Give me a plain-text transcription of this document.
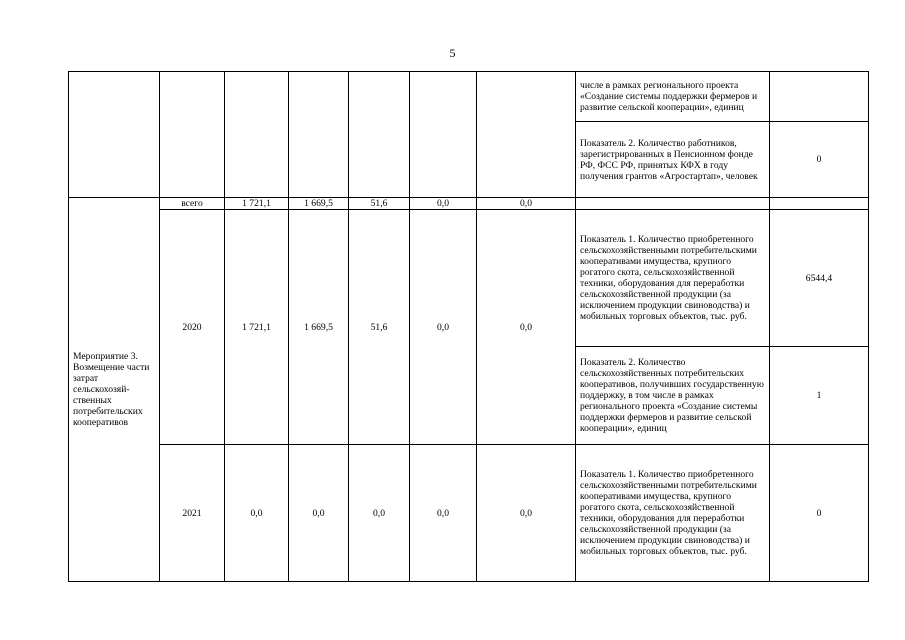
5
							числе в рамках регионального проекта «Создание системы поддержки фермеров и развитие сельской кооперации», единиц	
							Показатель 2. Количество работников, зарегистрированных в Пенсионном фонде РФ, ФСС РФ, принятых КФХ в году получения грантов «Агростартап», человек	0
Мероприятие 3. Возмещение части затрат сельскохозяй-ственных потребительских кооперативов	всего	1 721,1	1 669,5	51,6	0,0	0,0		
	2020	1 721,1	1 669,5	51,6	0,0	0,0	Показатель 1. Количество приобретенного сельскохозяйственными потребительскими кооперативами имущества, крупного рогатого скота, сельскохозяйственной техники, оборудования для переработки сельскохозяйственной продукции (за исключением продукции свиноводства) и мобильных торговых объектов, тыс. руб.	6544,4
							Показатель 2. Количество сельскохозяйственных потребительских кооперативов, получивших государственную поддержку, в том числе в рамках регионального проекта «Создание системы поддержки фермеров и развитие сельской кооперации», единиц	1
	2021	0,0	0,0	0,0	0,0	0,0	Показатель 1. Количество приобретенного сельскохозяйственными потребительскими кооперативами имущества, крупного рогатого скота, сельскохозяйственной техники, оборудования для переработки сельскохозяйственной продукции (за исключением продукции свиноводства) и мобильных торговых объектов, тыс. руб.	0
